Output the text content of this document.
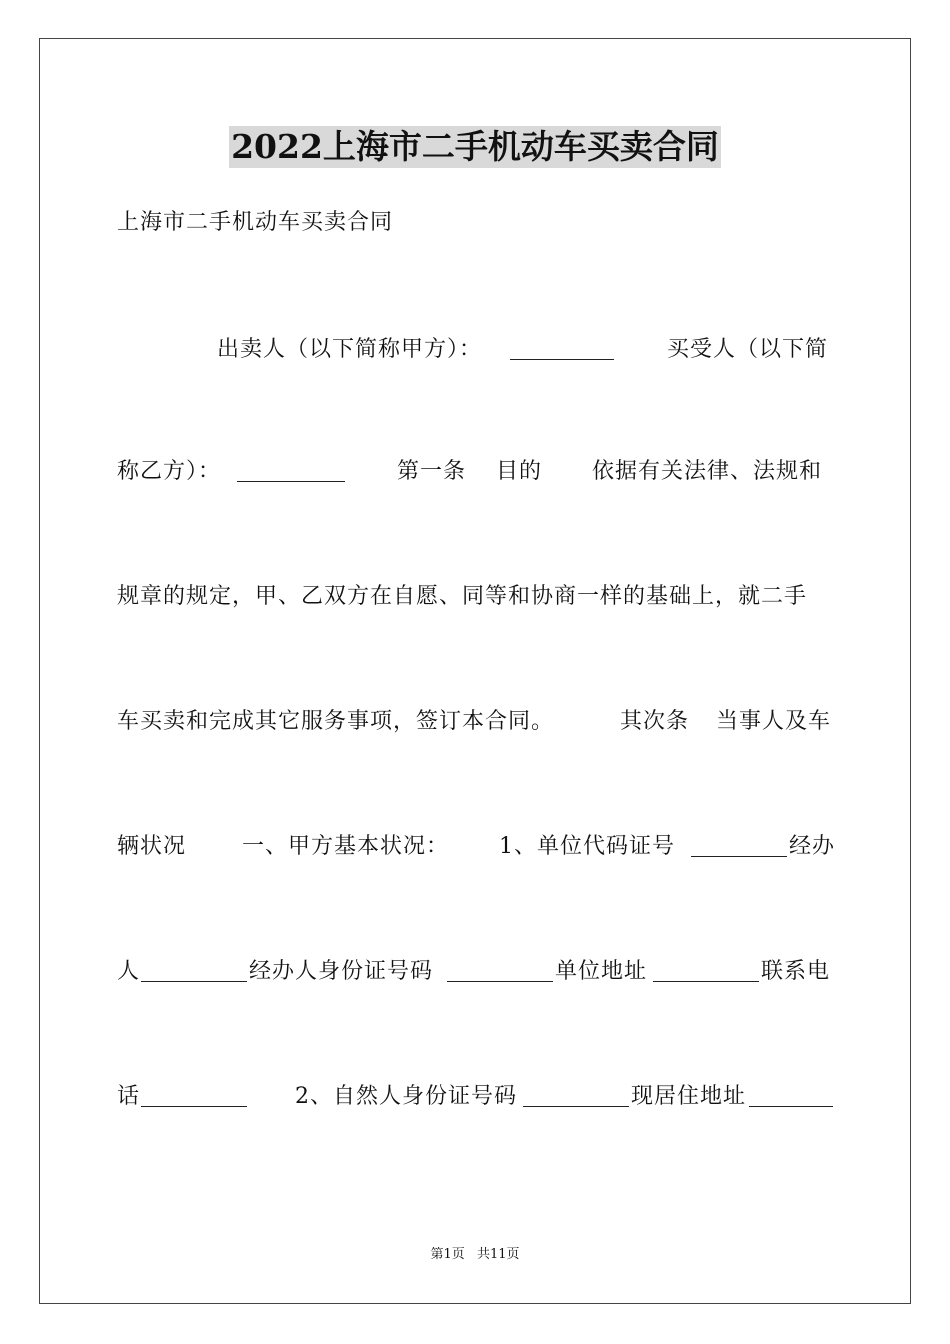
2022上海市二手机动车买卖合同
上海市二手机动车买卖合同
出卖人（以下简称甲方）：	买受人（以下简
称乙方）：	第一条 目的 依据有关法律、法规和
规章的规定，甲、乙双方在自愿、同等和协商一样的基础上，就二手
车买卖和完成其它服务事项，签订本合同。	其次条 当事人及车
辆状况	一、甲方基本状况： 1、单位代码证号	经办
人	经办人身份证号码	单位地址	联系电
话	2、自然人身份证号码	现居住地址
第1页 共11页
